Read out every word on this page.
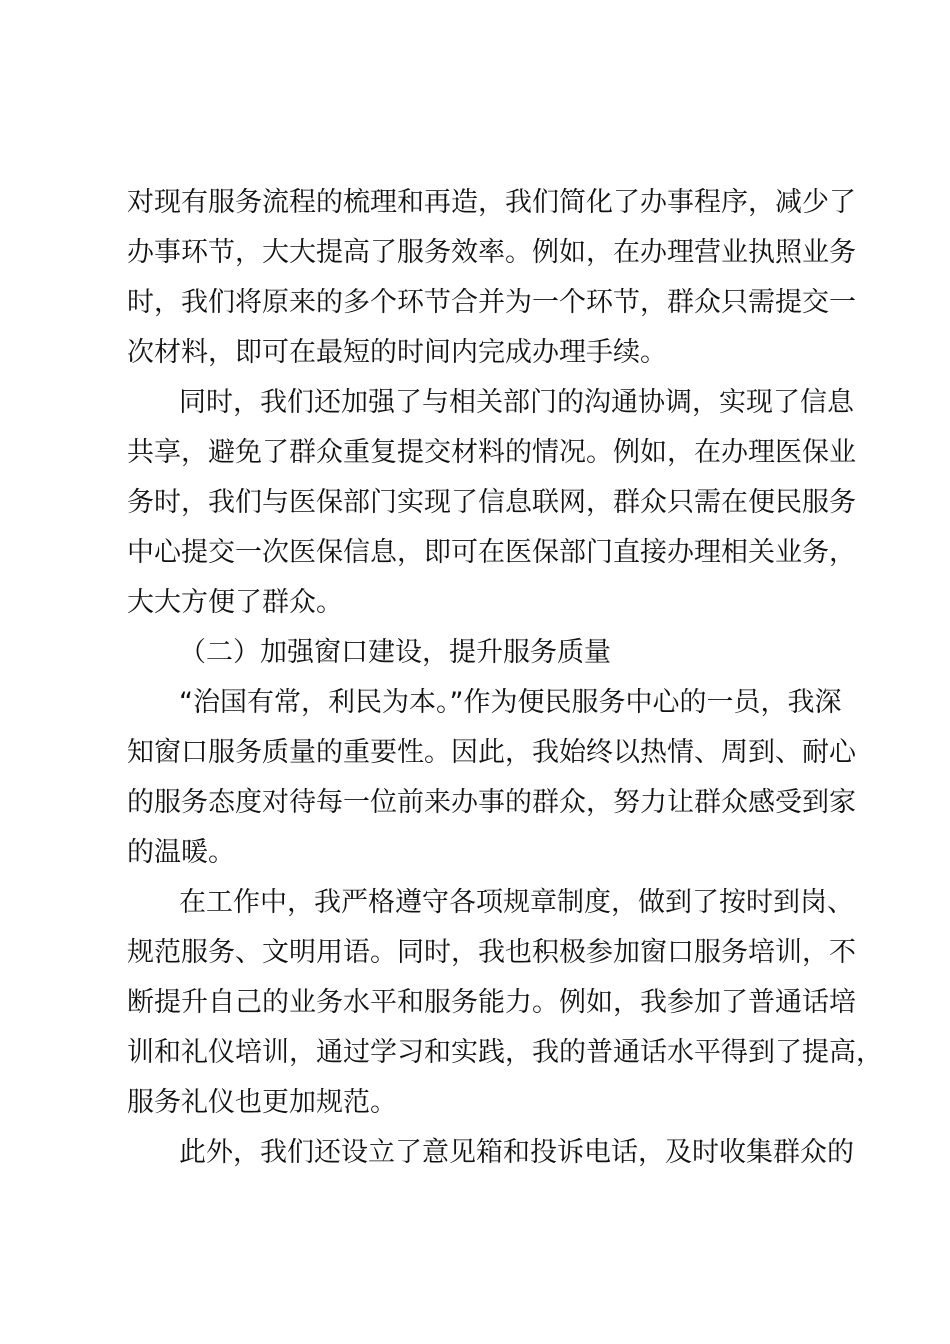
对现有服务流程的梳理和再造，我们简化了办事程序，减少了
办事环节，大大提高了服务效率。例如，在办理营业执照业务
时，我们将原来的多个环节合并为一个环节，群众只需提交一
次材料，即可在最短的时间内完成办理手续。
同时，我们还加强了与相关部门的沟通协调，实现了信息
共享，避免了群众重复提交材料的情况。例如，在办理医保业
务时，我们与医保部门实现了信息联网，群众只需在便民服务
中心提交一次医保信息，即可在医保部门直接办理相关业务，
大大方便了群众。
（二）加强窗口建设，提升服务质量
“治国有常，利民为本。”作为便民服务中心的一员，我深
知窗口服务质量的重要性。因此，我始终以热情、周到、耐心
的服务态度对待每一位前来办事的群众，努力让群众感受到家
的温暖。
在工作中，我严格遵守各项规章制度，做到了按时到岗、
规范服务、文明用语。同时，我也积极参加窗口服务培训，不
断提升自己的业务水平和服务能力。例如，我参加了普通话培
训和礼仪培训，通过学习和实践，我的普通话水平得到了提高，
服务礼仪也更加规范。
此外，我们还设立了意见箱和投诉电话，及时收集群众的
